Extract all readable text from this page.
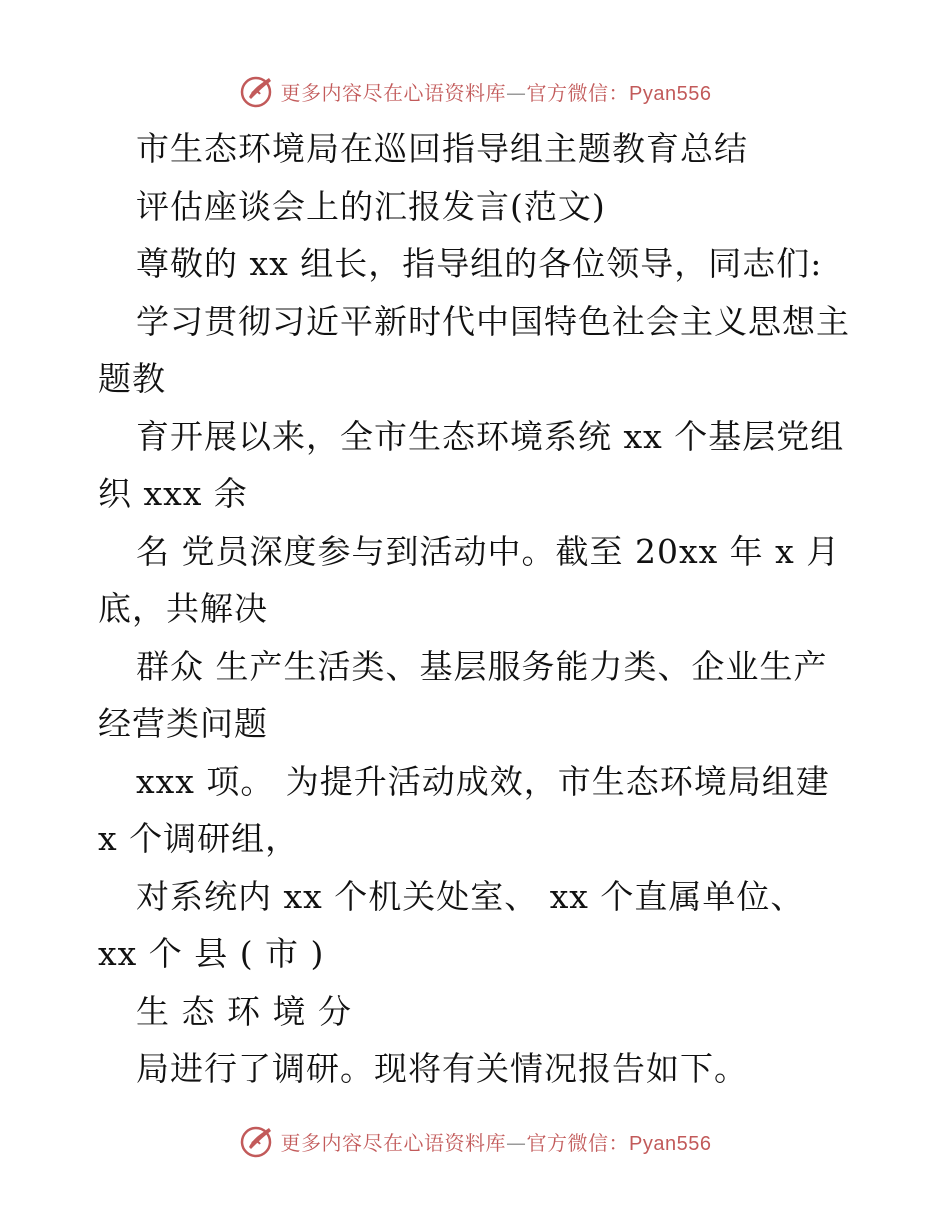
更多内容尽在心语资料库—官方微信：Pyan556
市生态环境局在巡回指导组主题教育总结
评估座谈会上的汇报发言(范文)
尊敬的 xx 组长，指导组的各位领导，同志们:
学习贯彻习近平新时代中国特色社会主义思想主
题教
育开展以来，全市生态环境系统 xx 个基层党组
织 xxx 余
名 党员深度参与到活动中。截至 20xx 年 x 月
底，共解决
群众 生产生活类、基层服务能力类、企业生产
经营类问题
xxx 项。 为提升活动成效，市生态环境局组建
x 个调研组，
对系统内 xx 个机关处室、 xx 个直属单位、
xx 个 县 ( 市 )
生 态 环 境 分
局进行了调研。现将有关情况报告如下。
更多内容尽在心语资料库—官方微信：Pyan556
